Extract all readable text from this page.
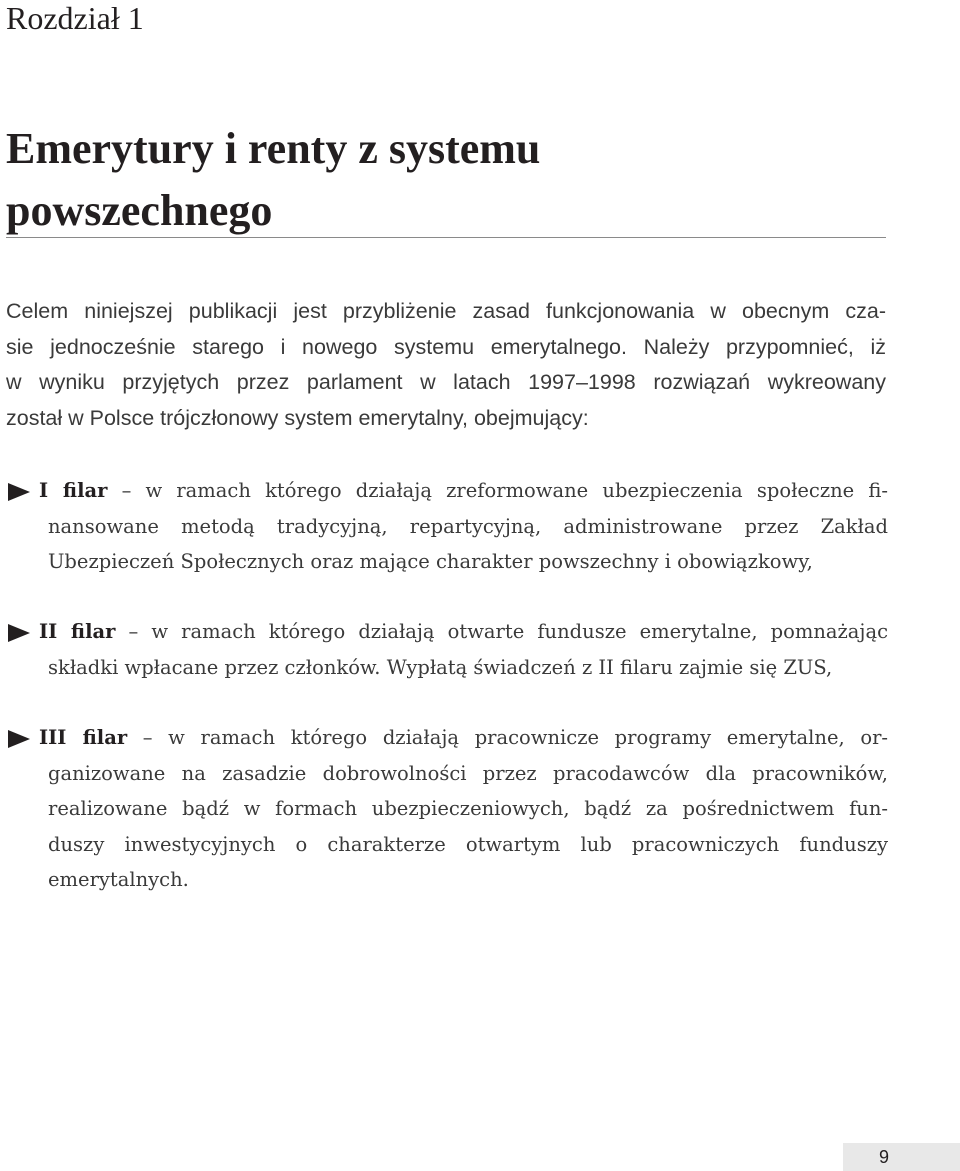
Rozdział 1
Emerytury i renty z systemu
powszechnego
Celem niniejszej publikacji jest przybliżenie zasad funkcjonowania w obecnym cza-
sie jednocześnie starego i nowego systemu emerytalnego. Należy przypomnieć, iż
w wyniku przyjętych przez parlament w latach 1997–1998 rozwiązań wykreowany
został w Polsce trójczłonowy system emerytalny, obejmujący:
I filar – w ramach którego działają zreformowane ubezpieczenia społeczne fi-
nansowane metodą tradycyjną, repartycyjną, administrowane przez Zakład
Ubezpieczeń Społecznych oraz mające charakter powszechny i obowiązkowy,
II filar – w ramach którego działają otwarte fundusze emerytalne, pomnażając
składki wpłacane przez członków. Wypłatą świadczeń z II filaru zajmie się ZUS,
III filar – w ramach którego działają pracownicze programy emerytalne, or-
ganizowane na zasadzie dobrowolności przez pracodawców dla pracowników,
realizowane bądź w formach ubezpieczeniowych, bądź za pośrednictwem fun-
duszy inwestycyjnych o charakterze otwartym lub pracowniczych funduszy
emerytalnych.
9
